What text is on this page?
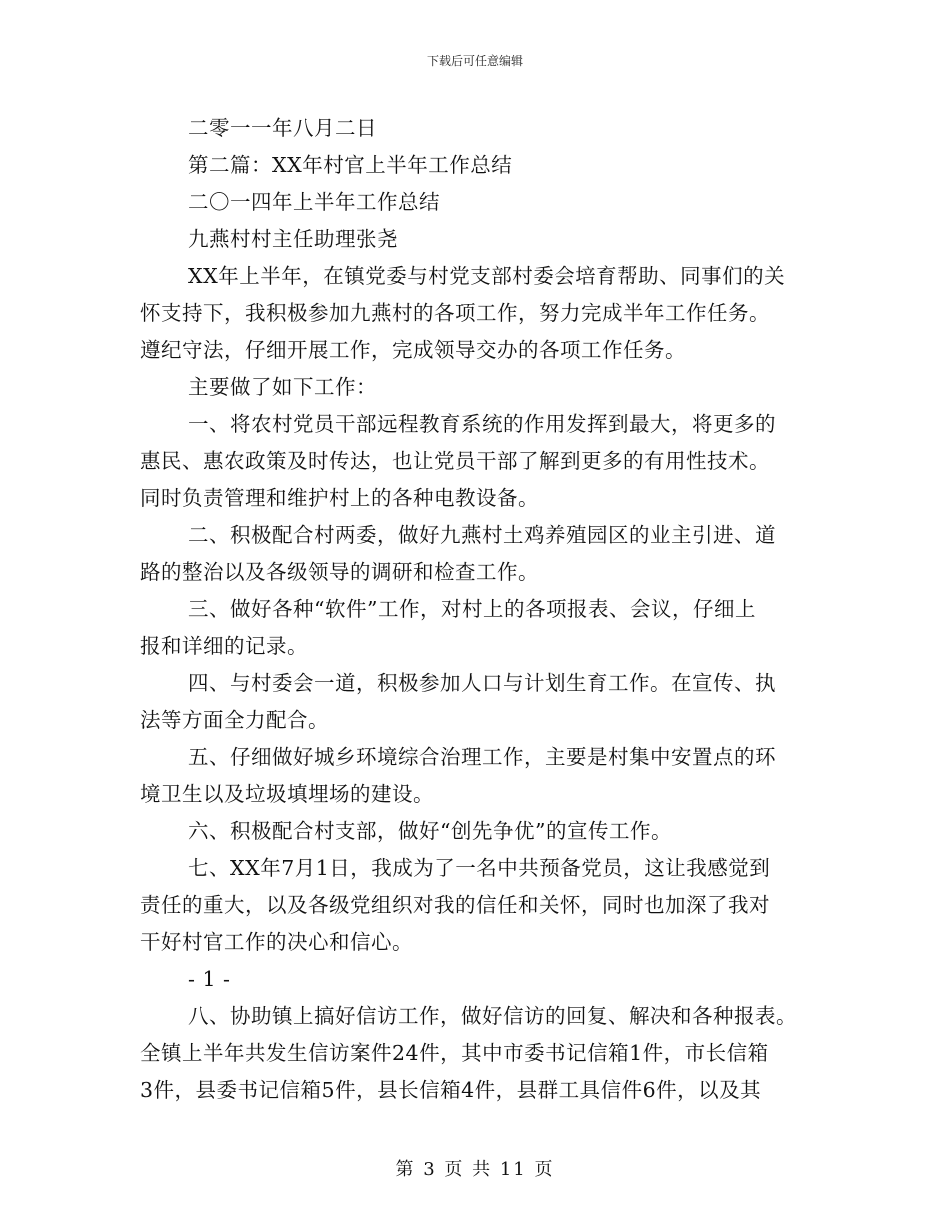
下载后可任意编辑
二零一一年八月二日
第二篇：XX年村官上半年工作总结
二〇一四年上半年工作总结
九燕村村主任助理张尧
XX年上半年，在镇党委与村党支部村委会培育帮助、同事们的关
怀支持下，我积极参加九燕村的各项工作，努力完成半年工作任务。
遵纪守法，仔细开展工作，完成领导交办的各项工作任务。
主要做了如下工作：
一、将农村党员干部远程教育系统的作用发挥到最大，将更多的
惠民、惠农政策及时传达，也让党员干部了解到更多的有用性技术。
同时负责管理和维护村上的各种电教设备。
二、积极配合村两委，做好九燕村土鸡养殖园区的业主引进、道
路的整治以及各级领导的调研和检查工作。
三、做好各种“软件”工作，对村上的各项报表、会议，仔细上
报和详细的记录。
四、与村委会一道，积极参加人口与计划生育工作。在宣传、执
法等方面全力配合。
五、仔细做好城乡环境综合治理工作，主要是村集中安置点的环
境卫生以及垃圾填埋场的建设。
六、积极配合村支部，做好“创先争优”的宣传工作。
七、XX年7月1日，我成为了一名中共预备党员，这让我感觉到
责任的重大，以及各级党组织对我的信任和关怀，同时也加深了我对
干好村官工作的决心和信心。
- 1 -
八、协助镇上搞好信访工作，做好信访的回复、解决和各种报表。
全镇上半年共发生信访案件24件，其中市委书记信箱1件，市长信箱
3件，县委书记信箱5件，县长信箱4件，县群工具信件6件，以及其
第 3 页 共 11 页
